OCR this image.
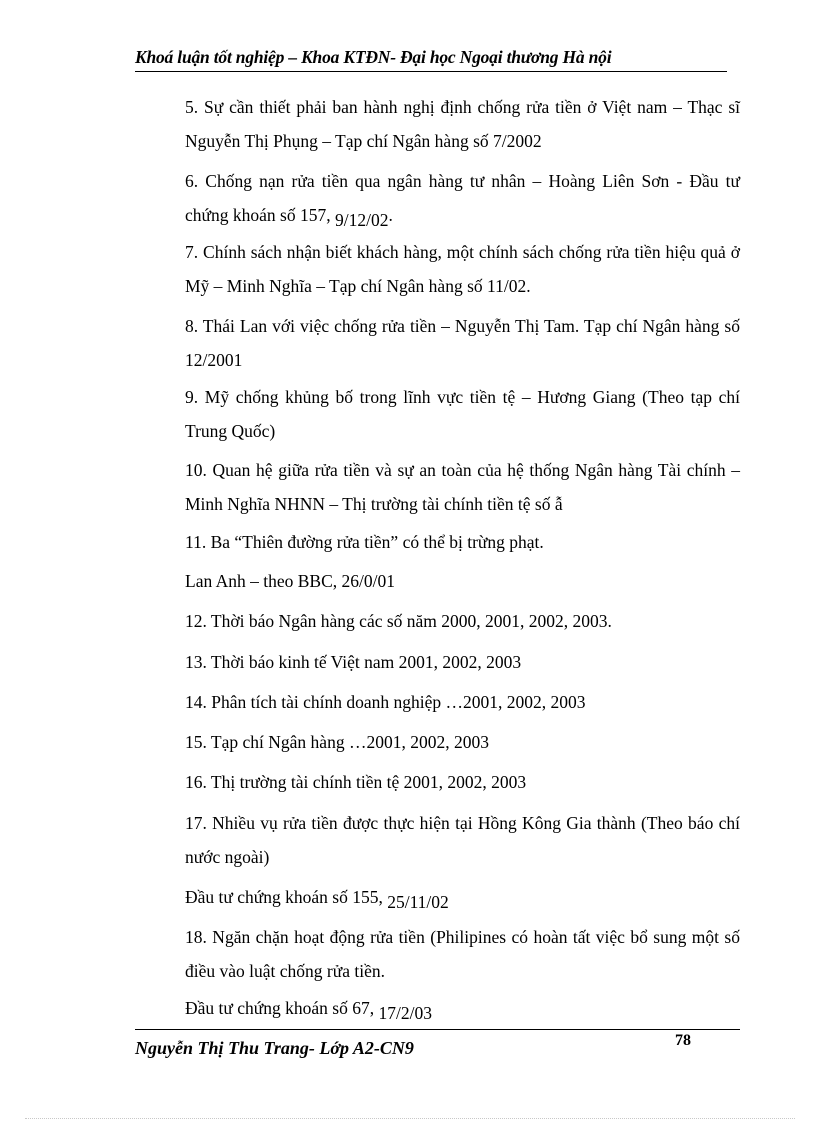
Khoá luận tốt nghiệp – Khoa KTĐN- Đại học Ngoại thương Hà nội
5. Sự cần thiết phải ban hành nghị định chống rửa tiền ở Việt nam – Thạc sĩ Nguyễn Thị Phụng – Tạp chí Ngân hàng số 7/2002
6. Chống nạn rửa tiền qua ngân hàng tư nhân – Hoàng Liên Sơn - Đầu tư chứng khoán số 157, 9/12/02.
7. Chính sách nhận biết khách hàng, một chính sách chống rửa tiền hiệu quả ở Mỹ – Minh Nghĩa – Tạp chí Ngân hàng số 11/02.
8. Thái Lan với việc chống rửa tiền – Nguyễn Thị Tam. Tạp chí Ngân hàng số 12/2001
9. Mỹ chống khủng bố trong lĩnh vực tiền tệ – Hương Giang (Theo tạp chí Trung Quốc)
10. Quan hệ giữa rửa tiền và sự an toàn của hệ thống Ngân hàng Tài chính – Minh Nghĩa NHNN – Thị trường tài chính tiền tệ số ẫ
11. Ba “Thiên đường rửa tiền” có thể bị trừng phạt.
Lan Anh – theo BBC, 26/0/01
12. Thời báo Ngân hàng các số năm 2000, 2001, 2002, 2003.
13. Thời báo kinh tế Việt nam 2001, 2002, 2003
14. Phân tích tài chính doanh nghiệp …2001, 2002, 2003
15. Tạp chí Ngân hàng …2001, 2002, 2003
16. Thị trường tài chính tiền tệ 2001, 2002, 2003
17. Nhiều vụ rửa tiền được thực hiện tại Hồng Kông Gia thành (Theo báo chí nước ngoài)
Đầu tư chứng khoán số 155, 25/11/02
18. Ngăn chặn hoạt động rửa tiền (Philipines có hoàn tất việc bổ sung một số điều vào luật chống rửa tiền.
Đầu tư chứng khoán số 67, 17/2/03
Nguyễn Thị Thu Trang- Lớp A2-CN9	78
